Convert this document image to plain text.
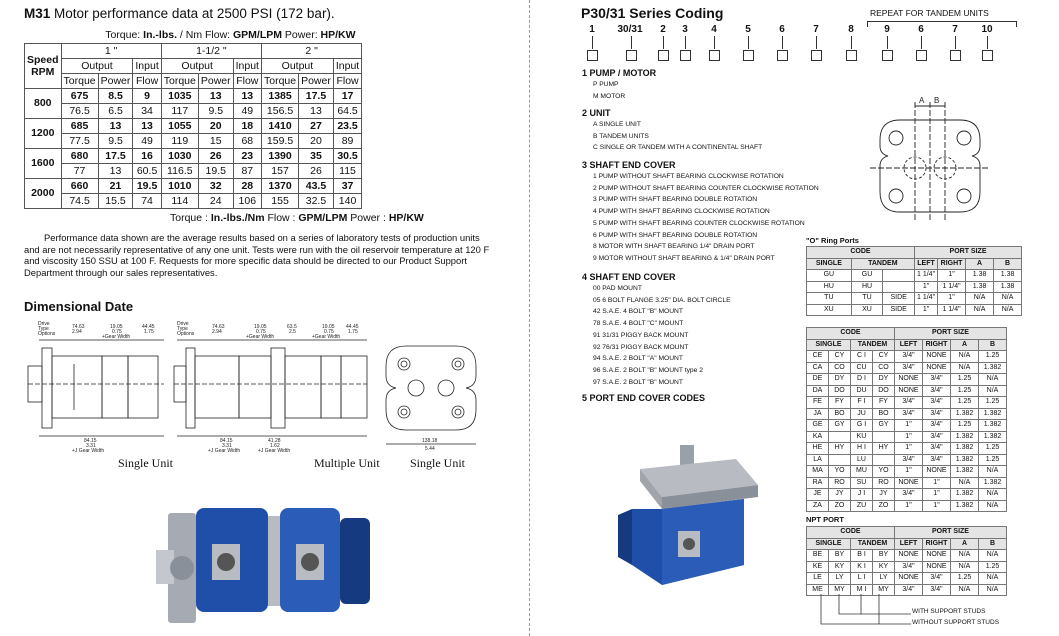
M31 Motor performance data at 2500 PSI (172 bar).
	Torque: In.-lbs. / Nm Flow: GPM/LPM Power: HP/KW								
Speed
RPM	1 "			1-1/2 "			2 "		
	Output		Input	Output		Input	Output		Input
	Torque	Power	Flow	Torque	Power	Flow	Torque	Power	Flow
800	675	8.5	9	1035	13	13	1385	17.5	17
	76.5	6.5	34	117	9.5	49	156.5	13	64.5
1200	685	13	13	1055	20	18	1410	27	23.5
	77.5	9.5	49	119	15	68	159.5	20	89
1600	680	17.5	16	1030	26	23	1390	35	30.5
	77	13	60.5	116.5	19.5	87	157	26	115
2000	660	21	19.5	1010	32	28	1370	43.5	37
	74.5	15.5	74	114	24	106	155	32.5	140
Torque : In.-lbs./Nm Flow : GPM/LPM Power : HP/KW
Performance data shown are the average results based on a series of laboratory tests of production units and are not necessarily representative of any one unit. Tests were run with the oil reservoir temperature at 120 F and viscosity 150 SSU at 100 F. Requests for more specific data should be directed to our Product Support Department through our sales representatives.
Dimensional Date
Drive
Type
Options
74.63
2.94
19.05
0.75
+Gear Width
44.45
1.75
84.15
3.31
+J Gear Width
Single Unit
Drive
Type
Options
74.63
2.94
19.05
0.75
+Gear Width
63.5
2.5
19.05
0.75
+Gear Width
44.45
1.75
84.15
3.31
+J Gear Width
41.28
1.62
+J Gear Width
Multiple Unit
138.18
5.44
Single Unit
P30/31 Series Coding	REPEAT FOR TANDEM UNITS
1	30/31	2	3	4	5	6	7	8	9	6	7	10
1 PUMP / MOTOR
P PUMP
M MOTOR
2 UNIT
A SINGLE UNIT
B TANDEM UNITS
C SINGLE OR TANDEM WITH A CONTINENTAL SHAFT
3 SHAFT END COVER
1 PUMP WITHOUT SHAFT BEARING CLOCKWISE ROTATION
2 PUMP WITHOUT SHAFT BEARING COUNTER CLOCKWISE ROTATION
3 PUMP WITH SHAFT BEARING DOUBLE ROTATION
4 PUMP WITH SHAFT BEARING CLOCKWISE ROTATION
5 PUMP WITH SHAFT BEARING COUNTER CLOCKWISE ROTATION
6 PUMP WITH SHAFT BEARING DOUBLE ROTATION
8 MOTOR WITH SHAFT BEARING 1/4" DRAIN PORT
9 MOTOR WITHOUT SHAFT BEARING & 1/4" DRAIN PORT
4 SHAFT END COVER
00 PAD MOUNT
05 6 BOLT FLANGE 3.25" DIA. BOLT CIRCLE
42 S.A.E. 4 BOLT "B" MOUNT
78 S.A.E. 4 BOLT "C" MOUNT
91 31/31 PIGGY BACK MOUNT
92 76/31 PIGGY BACK MOUNT
94 S.A.E. 2 BOLT "A" MOUNT
96 S.A.E. 2 BOLT "B" MOUNT type 2
97 S.A.E. 2 BOLT "B" MOUNT
5 PORT END COVER CODES
A B
"O" Ring Ports
CODE			PORT SIZE			
SINGLE	TANDEM		LEFT	RIGHT	A	B
GU	GU		1 1/4"	1"	1.38	1.38
HU	HU		1"	1 1/4"	1.38	1.38
TU	TU	SIDE	1 1/4"	1"	N/A	N/A
XU	XU	SIDE	1"	1 1/4"	N/A	N/A
CODE				PORT SIZE			
SINGLE		TANDEM		LEFT	RIGHT	A	B
CE	CY	C I	CY	3/4"	NONE	N/A	1.25
CA	CO	CU	CO	3/4"	NONE	N/A	1.382
DE	DY	D I	DY	NONE	3/4"	1.25	N/A
DA	DO	DU	DO	NONE	3/4"	1.25	N/A
FE	FY	F I	FY	3/4"	3/4"	1.25	1.25
JA	BO	JU	BO	3/4"	3/4"	1.382	1.382
GE	GY	G I	GY	1"	3/4"	1.25	1.382
KA		KU		1"	3/4"	1.382	1.382
HE	HY	H I	HY	1"	3/4"	1.382	1.25
LA		LU		3/4"	3/4"	1.382	1.25
MA	YO	MU	YO	1"	NONE	1.382	N/A
RA	RO	SU	RO	NONE	1"	N/A	1.382
JE	JY	J I	JY	3/4"	1"	1.382	N/A
ZA	ZO	ZU	ZO	1"	1"	1.382	N/A
NPT PORT
CODE				PORT SIZE			
SINGLE		TANDEM		LEFT	RIGHT	A	B
BE	BY	B I	BY	NONE	NONE	N/A	N/A
KE	KY	K I	KY	3/4"	NONE	N/A	1.25
LE	LY	L I	LY	NONE	3/4"	1.25	N/A
ME	MY	M I	MY	3/4"	3/4"	N/A	N/A
WITH SUPPORT STUDS
WITHOUT SUPPORT STUDS
